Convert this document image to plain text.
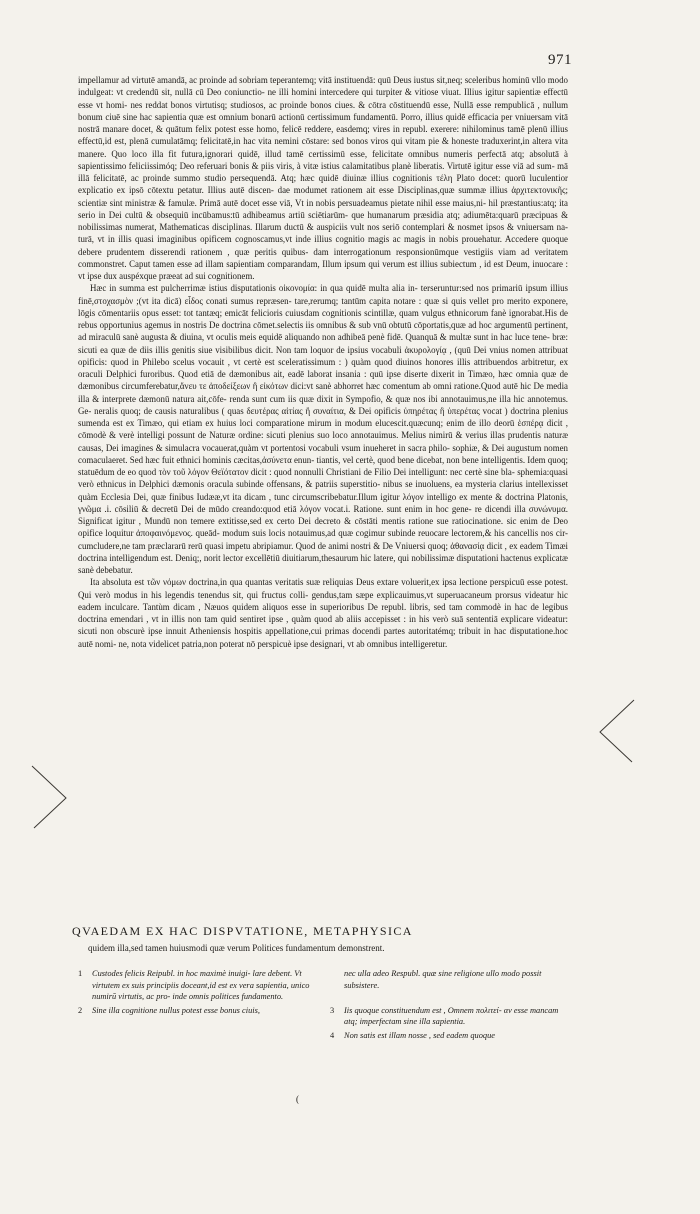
971

impellamur ad virtutē amandā, ac proinde ad sobriam teperantemq; vitā instituendā: quū Deus iustus sit,neq; sceleribus hominū vllo modo indulgeat: vt credendū sit, nullā cū Deo coniunctio- ne illi homini intercedere qui turpiter & vitiose viuat. Illius igitur sapientiæ effectū esse vt homi- nes reddat bonos virtutisq; studiosos, ac proinde bonos ciues. & cōtra cōstituendū esse, Nullā esse rempublicā , nullum bonum ciuē sine hac sapientia quæ est omnium bonarū actionū certissimum fundamentū. Porro, illius quidē efficacia per vniuersam vitā nostrā manare docet, & quātum felix potest esse homo, felicē reddere, easdemq; vires in republ. exerere: nihilominus tamē plenū illius effectū,id est, plenā cumulatāmq; felicitatē,in hac vita nemini cōstare: sed bonos viros qui vitam pie & honeste traduxerint,in altera vita manere. Quo loco illa fit futura,ignorari quidē, illud tamē certissimū esse, felicitate omnibus numeris perfectā atq; absolutā à sapientissimo feliciissimóq; Deo referuari bonis & piis viris, à vitæ istius calamitatibus planè liberatis. Virtutē igitur esse viā ad sum- mā illā felicitatē, ac proinde summo studio persequendā. Atq; hæc quidē diuinæ illius cognitionis τέλη Plato docet: quorū luculentior explicatio ex ipsō cōtextu petatur. Illius autē discen- dae modumet rationem ait esse Disciplinas,quæ summæ illius ἀρχιτεκτονικῆς; scientiæ sint ministræ & famulæ. Primā autē docet esse viā, Vt in nobis persuadeamus pietate nihil esse maius,ni- hil præstantius:atq; ita serio in Dei cultū & obsequiū incūbamus:tū adhibeamus artiū sciētiarūm- que humanarum præsidia atq; adiumēta:quarū præcipuas & nobilissimas numerat, Mathematicas disciplinas. Illarum ductū & auspiciis vult nos seriō contemplari & nosmet ipsos & vniuersam na- turā, vt in illis quasi imaginibus opificem cognoscamus,vt inde illius cognitio magis ac magis in nobis prouehatur. Accedere quoque debere prudentem disserendi rationem , quæ peritis quibus- dam interrogationum responsionūmque vestigiis viam ad veritatem commonstret. Caput tamen esse ad illam sapientiam comparandam, Illum ipsum qui verum est illius subiectum , id est Deum, inuocare : vt ipse dux auspéxque præeat ad sui cognitionem.

Hæc in summa est pulcherrimæ istius disputationis οἰκονομία: in qua quidē multa alia in- terseruntur:sed nos primariū ipsum illius finē,στοχασμὸν ;(vt ita dicā) εἶδος conati sumus repræsen- tare,rerumq; tantūm capita notare : quæ si quis vellet pro merito exponere, lōgis cōmentariis opus esset: tot tantæq; emicāt felicioris cuiusdam cognitionis scintillæ, quam vulgus ethnicorum fanè ignorabat.His de rebus opportunius agemus in nostris De doctrina cōmet.selectis iis omnibus & sub vnū obtutū cōportatis,quæ ad hoc argumentū pertinent, ad miraculū sanè augusta & diuina, vt oculis meis equidē aliquando non adhibeā penè fidē. Quanquā & multæ sunt in hac luce tene- bræ: sicuti ea quæ de diis illis genitis siue visibilibus dicit. Non tam loquor de ipsius vocabuli ἀκυρολογίᾳ , (quū Dei vnius nomen attribuat opificis: quod in Philebo scelus vocauit , vt certè est sceleratissimum : ) quàm quod diuinos honores illis attribuendos arbitretur, ex oraculi Delphici furoribus. Quod etiā de dæmonibus ait, eadē laborat insania : quū ipse diserte dixerit in Timæo, hæc omnia quæ de dæmonibus circumferebatur,ἄνευ τε ἀποδείξεων ἢ εἰκότων dici:vt sanè abhorret hæc comentum ab omni ratione.Quod autē hic De media illa & interprete dæmonū natura ait,cōfe- renda sunt cum iis quæ dixit in Sympofio, & quæ nos ibi annotauimus,ne illa hic annotemus. Ge- neralis quoq; de causis naturalibus ( quas δευτέρας αἰτίας ἢ συναίτια, & Dei opificis ὑπηρέτας ἢ ὑπερέτας vocat ) doctrina plenius sumenda est ex Timæo, qui etiam ex huius loci comparatione mirum in modum elucescit.quæcunq; enim de illo deorū ἑσπέρᾳ dicit , cōmodè & verè intelligi possunt de Naturæ ordine: sicuti plenius suo loco annotauimus. Melius nimirū & verius illas prudentis naturæ causas, Dei imagines & simulacra vocauerat,quàm vt portentosi vocabuli vsum inueheret in sacra philo- sophiæ, & Dei augustum nomen comaculaeret. Sed hæc fuit ethnici hominis cæcitas,ἀσύνετα enun- tiantis, vel certè, quod bene dicebat, non bene intelligentis. Idem quoq; statuēdum de eo quod τὸν τοῦ λόγον Θεϊότατον dicit : quod nonnulli Christiani de Filio Dei intelligunt: nec certè sine bla- sphemia:quasi verò ethnicus in Delphici dæmonis oracula subinde offensans, & patriis superstitio- nibus se inuoluens, ea mysteria clarius intellexisset quàm Ecclesia Dei, quæ finibus Iudææ,vt ita dicam , tunc circumscribebatur.Illum igitur λόγον intelligo ex mente & doctrina Platonis, γνῶμα .i. cōsiliū & decretū Dei de mūdo creando:quod etiā λόγον vocat.i. Ratione. sunt enim in hoc gene- re dicendi illa συνώνυμα. Significat igitur , Mundū non temere extitisse,sed ex certo Dei decreto & cōstāti mentis ratione sue ratiocinatione. sic enim de Deo opifice loquitur ἀποφαινόμενος. queād- modum suis locis notauimus,ad quæ cogimur subinde reuocare lectorem,& his cancellis nos cir- cumcludere,ne tam præclararū rerū quasi impetu abripiamur. Quod de animi nostri & De Vniuersi quoq; ἀθανασίᾳ dicit , ex eadem Timæi doctrina intelligendum est. Deniq;, norit lector excellētiū diuitiarum,thesaurum hic latere, qui nobilissimæ disputationi hactenus explicatæ sanè debebatur.

Ita absoluta est τῶν νόμων doctrina,in qua quantas veritatis suæ reliquias Deus extare voluerit,ex ipsa lectione perspicuū esse potest. Qui verò modus in his legendis tenendus sit, qui fructus colli- gendus,tam sæpe explicauimus,vt superuacaneum prorsus videatur hic eadem inculcare. Tantùm dicam , Næuos quidem aliquos esse in superioribus De republ. libris, sed tam commodè in hac de legibus doctrina emendari , vt in illis non tam quid sentiret ipse , quàm quod ab aliis accepisset : in his verò suā sententiā explicare videatur: sicuti non obscurè ipse innuit Atheniensis hospitis appellatione,cui primas docendi partes autoritatémq; tribuit in hac disputatione.hoc autē nomi- ne, nota videlicet patria,non poterat nō perspicuè ipse designari, vt ab omnibus intelligeretur.

QVAEDAM EX HAC DISPVTATIONE, METAPHYSICA
quidem illa,sed tamen huiusmodi quæ verum Politices fundamentum demonstrent.
1	Custodes felicis Reipubl. in hoc maximè inuigi- lare debent. Vt virtutem ex suis principiis doceant,id est ex vera sapientia, unico numirū virtutis, ac pro- inde omnis politices fundamento.
nec ulla adeo Respubl. quæ sine religione ullo modo possit subsistere.
2	Sine illa cognitione nullus potest esse bonus ciuis,	3	Iis quoque constituendum est , Omnem πολιτεί- αν esse mancam atq; imperfectam sine illa sapientia.
4	Non satis est illam nosse , sed eadem quoque
(
